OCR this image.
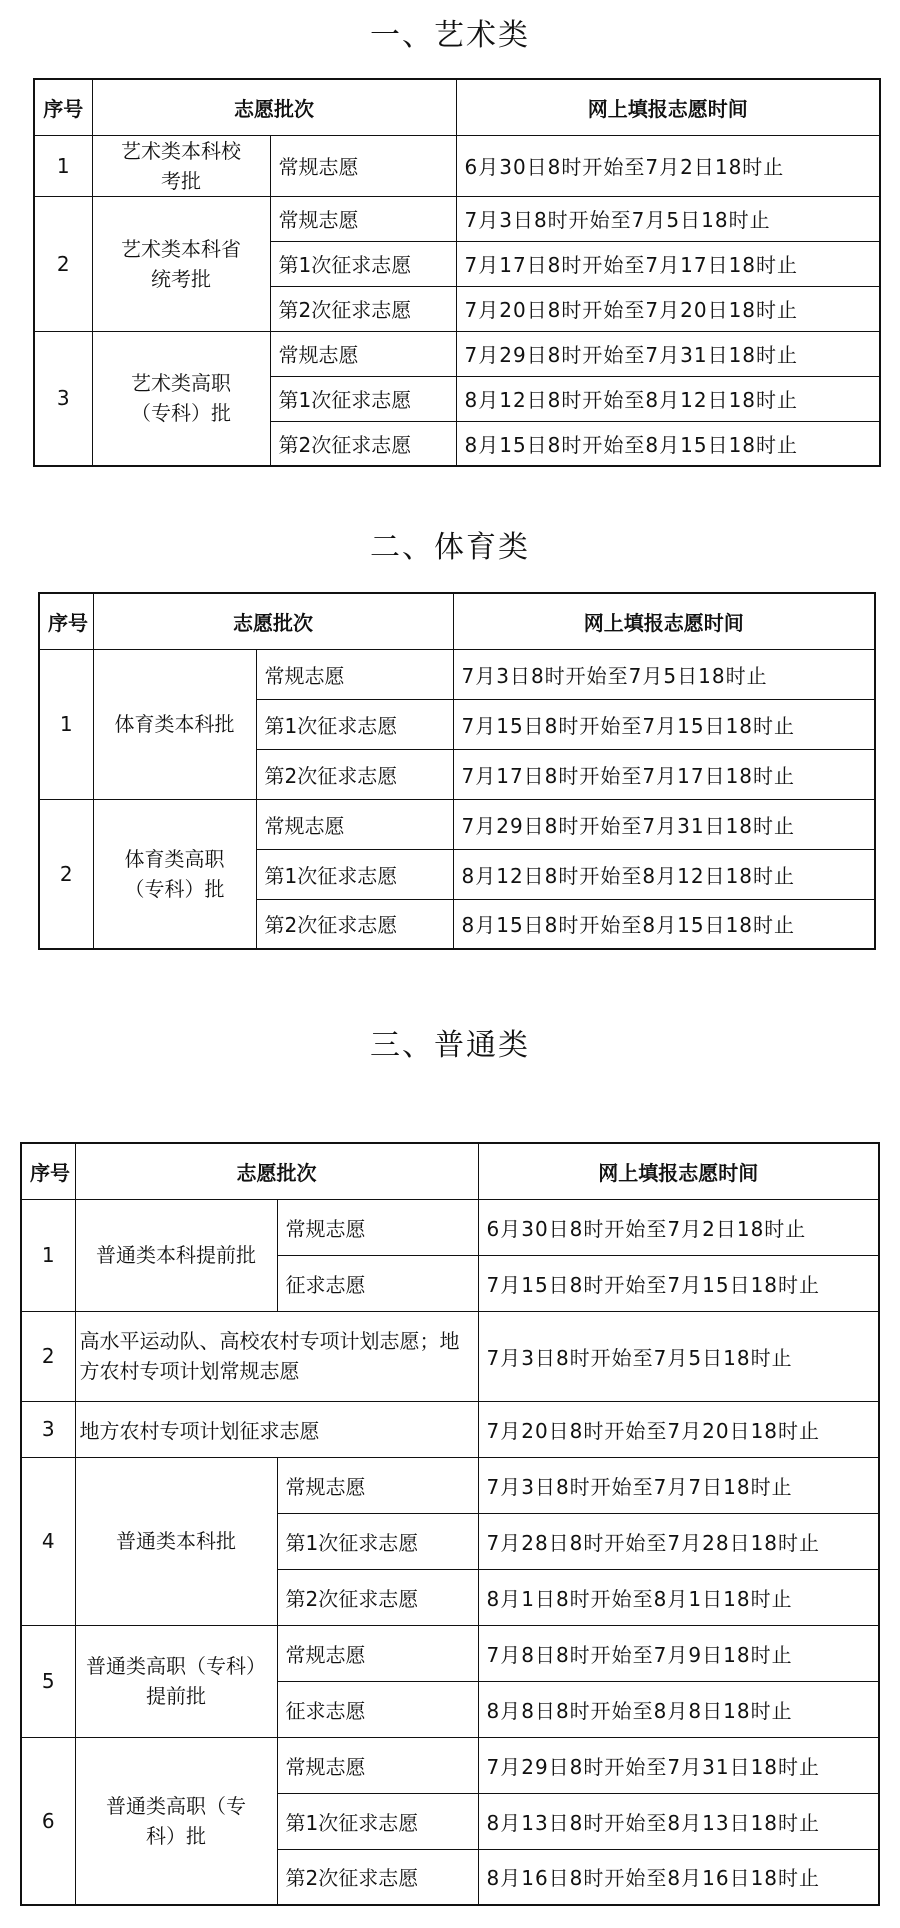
一、艺术类
序号	志愿批次		网上填报志愿时间
1	艺术类本科校考批	常规志愿	6月30日8时开始至7月2日18时止
2	艺术类本科省统考批	常规志愿	7月3日8时开始至7月5日18时止
		第1次征求志愿	7月17日8时开始至7月17日18时止
		第2次征求志愿	7月20日8时开始至7月20日18时止
3	艺术类高职（专科）批	常规志愿	7月29日8时开始至7月31日18时止
		第1次征求志愿	8月12日8时开始至8月12日18时止
		第2次征求志愿	8月15日8时开始至8月15日18时止
二、体育类
序号	志愿批次		网上填报志愿时间
1	体育类本科批	常规志愿	7月3日8时开始至7月5日18时止
		第1次征求志愿	7月15日8时开始至7月15日18时止
		第2次征求志愿	7月17日8时开始至7月17日18时止
2	体育类高职（专科）批	常规志愿	7月29日8时开始至7月31日18时止
		第1次征求志愿	8月12日8时开始至8月12日18时止
		第2次征求志愿	8月15日8时开始至8月15日18时止
三、普通类
序号	志愿批次		网上填报志愿时间
1	普通类本科提前批	常规志愿	6月30日8时开始至7月2日18时止
		征求志愿	7月15日8时开始至7月15日18时止
2	高水平运动队、高校农村专项计划志愿；地方农村专项计划常规志愿		7月3日8时开始至7月5日18时止
3	地方农村专项计划征求志愿		7月20日8时开始至7月20日18时止
4	普通类本科批	常规志愿	7月3日8时开始至7月7日18时止
		第1次征求志愿	7月28日8时开始至7月28日18时止
		第2次征求志愿	8月1日8时开始至8月1日18时止
5	普通类高职（专科）提前批	常规志愿	7月8日8时开始至7月9日18时止
		征求志愿	8月8日8时开始至8月8日18时止
6	普通类高职（专科）批	常规志愿	7月29日8时开始至7月31日18时止
		第1次征求志愿	8月13日8时开始至8月13日18时止
		第2次征求志愿	8月16日8时开始至8月16日18时止
